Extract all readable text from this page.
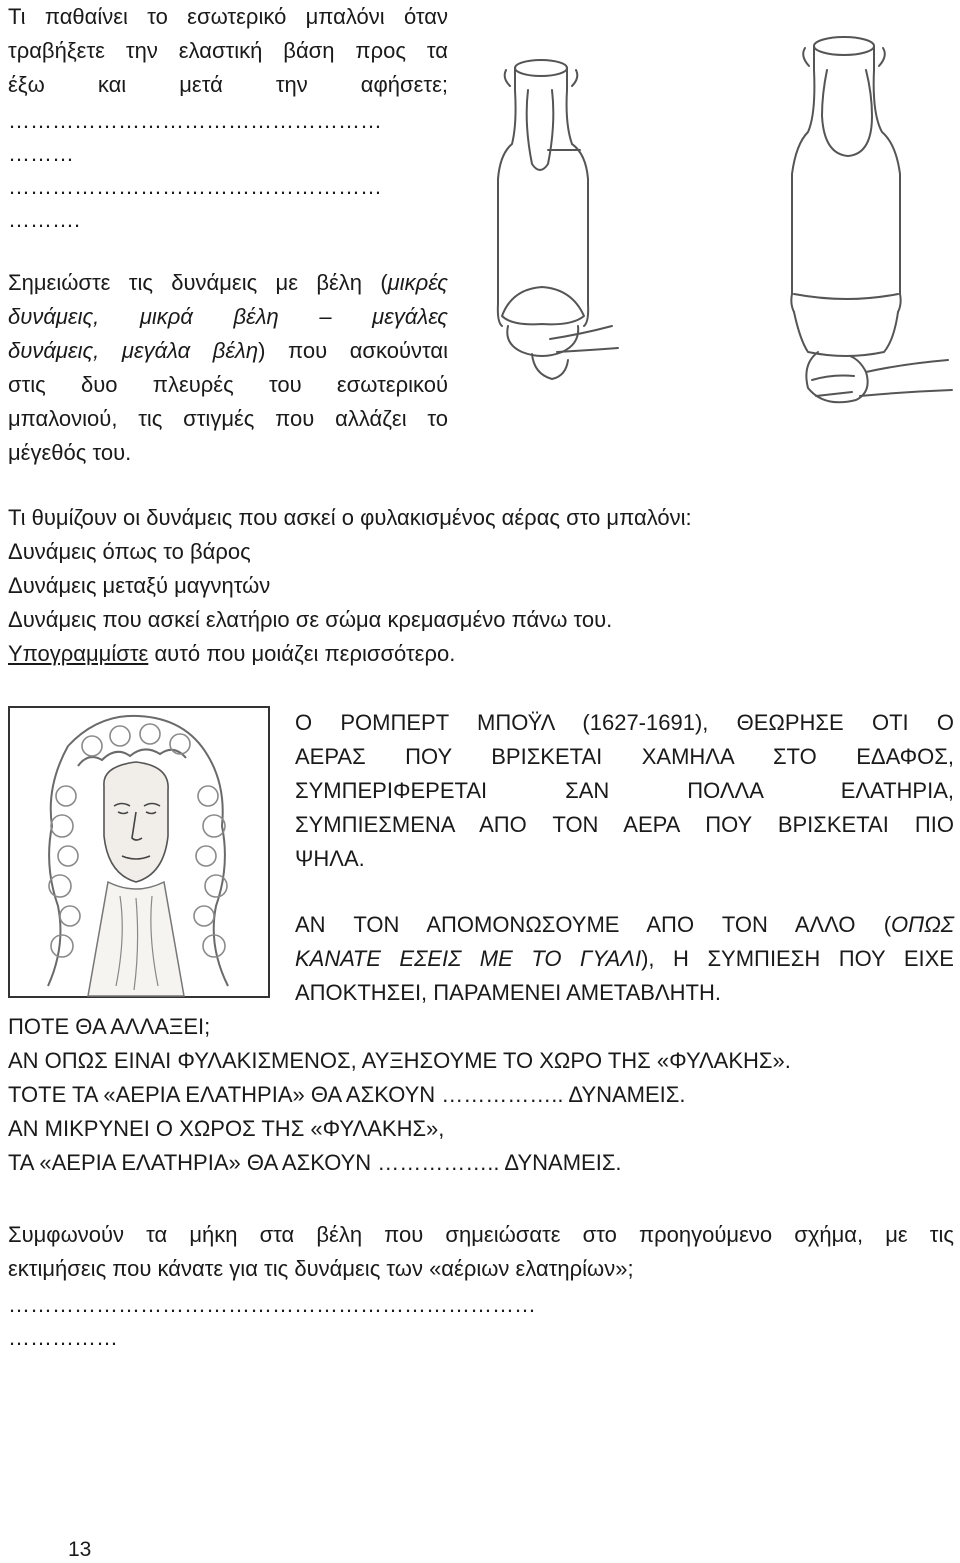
Τι παθαίνει το εσωτερικό μπαλόνι όταν
τραβήξετε την ελαστική βάση προς τα
έξω και μετά την αφήσετε;
……………………………………………
………
……………………………………………
……….
Σημειώστε τις δυνάμεις με βέλη (μικρές
δυνάμεις, μικρά βέλη – μεγάλες
δυνάμεις, μεγάλα βέλη) που ασκούνται
στις δυο πλευρές του εσωτερικού
μπαλονιού, τις στιγμές που αλλάζει το
μέγεθός του.
Τι θυμίζουν οι δυνάμεις που ασκεί ο φυλακισμένος αέρας στο μπαλόνι:
Δυνάμεις όπως το βάρος
Δυνάμεις μεταξύ μαγνητών
Δυνάμεις που ασκεί ελατήριο σε σώμα κρεμασμένο πάνω του.
Υπογραμμίστε αυτό που μοιάζει περισσότερο.
Ο ΡΟΜΠΕΡΤ ΜΠΟΫΛ (1627-1691), ΘΕΩΡΗΣΕ ΟΤΙ Ο
ΑΕΡΑΣ ΠΟΥ ΒΡΙΣΚΕΤΑΙ ΧΑΜΗΛΑ ΣΤΟ ΕΔΑΦΟΣ,
ΣΥΜΠΕΡΙΦΕΡΕΤΑΙ ΣΑΝ ΠΟΛΛΑ ΕΛΑΤΗΡΙΑ,
ΣΥΜΠΙΕΣΜΕΝΑ ΑΠΟ ΤΟΝ ΑΕΡΑ ΠΟΥ ΒΡΙΣΚΕΤΑΙ ΠΙΟ
ΨΗΛΑ.
ΑΝ ΤΟΝ ΑΠΟΜΟΝΩΣΟΥΜΕ ΑΠΟ ΤΟΝ ΑΛΛΟ (ΟΠΩΣ
ΚΑΝΑΤΕ ΕΣΕΙΣ ΜΕ ΤΟ ΓΥΑΛΙ), Η ΣΥΜΠΙΕΣΗ ΠΟΥ ΕΙΧΕ
ΑΠΟΚΤΗΣΕΙ, ΠΑΡΑΜΕΝΕΙ ΑΜΕΤΑΒΛΗΤΗ.
ΠΟΤΕ ΘΑ ΑΛΛΑΞΕΙ;
ΑΝ ΟΠΩΣ ΕΙΝΑΙ ΦΥΛΑΚΙΣΜΕΝΟΣ, ΑΥΞΗΣΟΥΜΕ ΤΟ ΧΩΡΟ ΤΗΣ «ΦΥΛΑΚΗΣ».
ΤΟΤΕ ΤΑ «ΑΕΡΙΑ ΕΛΑΤΗΡΙΑ» ΘΑ ΑΣΚΟΥΝ …………….. ΔΥΝΑΜΕΙΣ.
ΑΝ ΜΙΚΡΥΝΕΙ Ο ΧΩΡΟΣ ΤΗΣ «ΦΥΛΑΚΗΣ»,
ΤΑ «ΑΕΡΙΑ ΕΛΑΤΗΡΙΑ» ΘΑ ΑΣΚΟΥΝ …………….. ΔΥΝΑΜΕΙΣ.
Συμφωνούν τα μήκη στα βέλη που σημειώσατε στο προηγούμενο σχήμα, με τις
εκτιμήσεις που κάνατε για τις δυνάμεις των «αέριων ελατηρίων»;
………………………………………………………………
……………
13
